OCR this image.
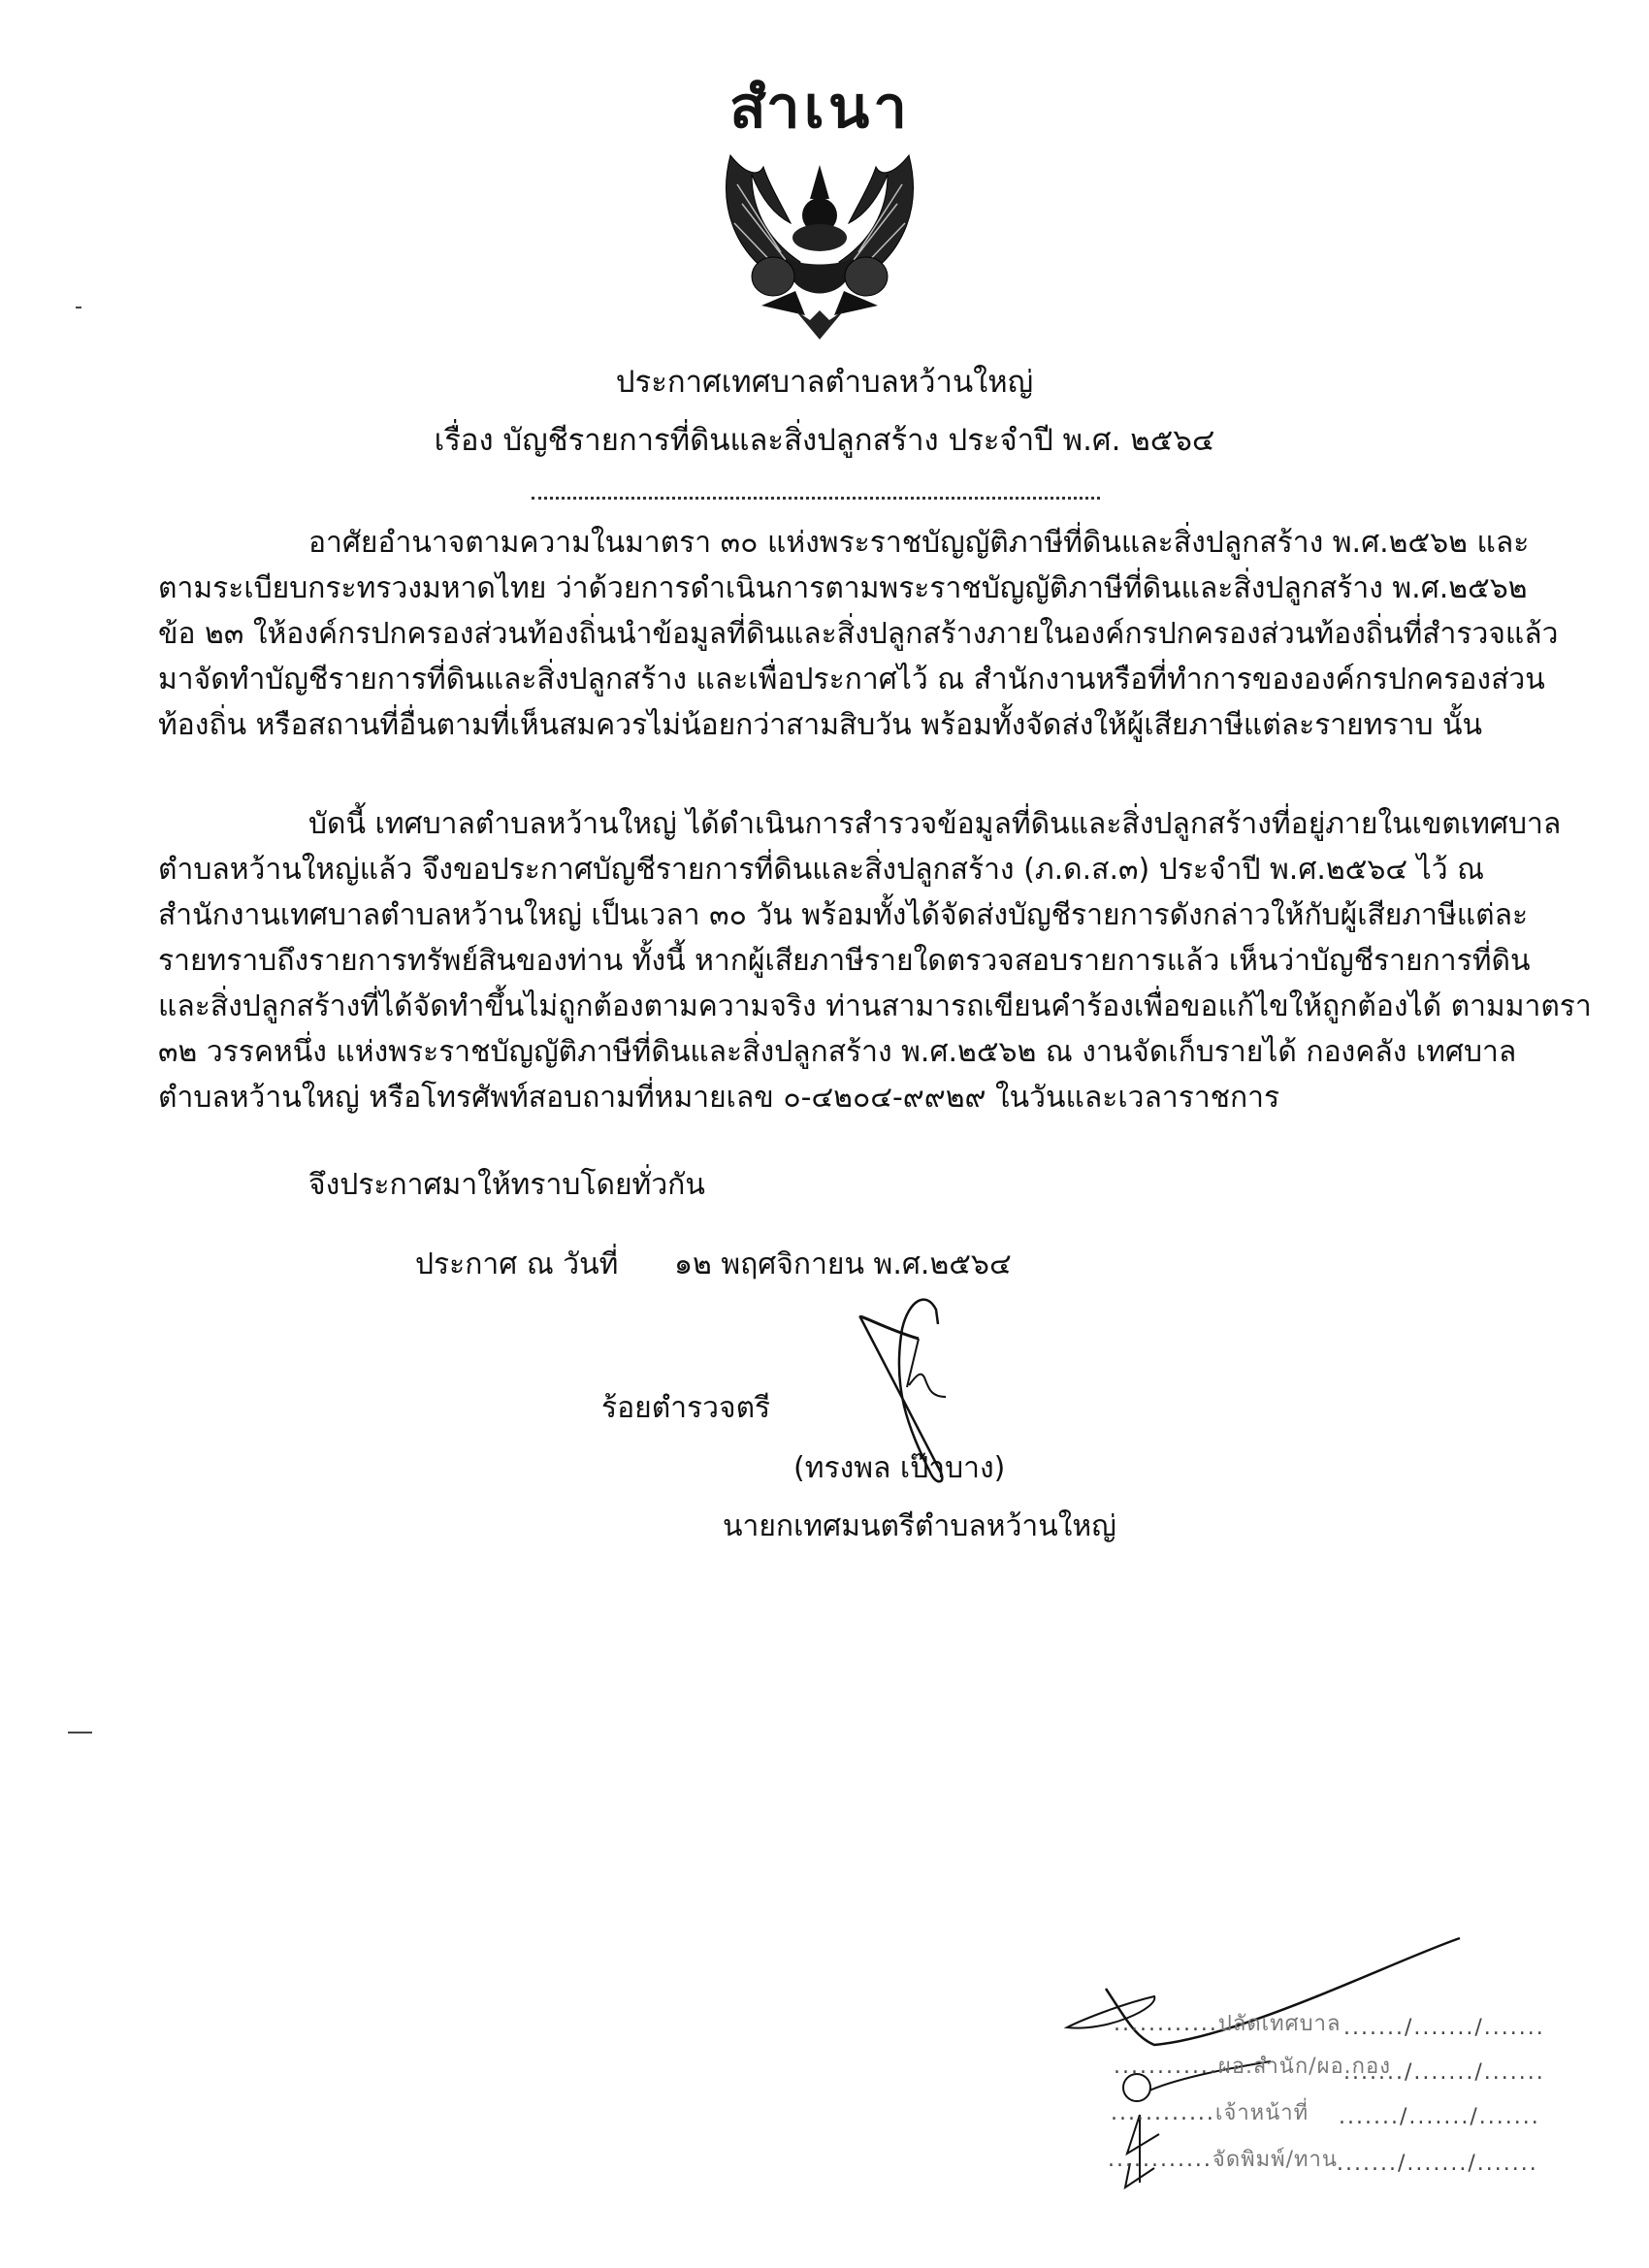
สำเนา
ประกาศเทศบาลตำบลหว้านใหญ่
เรื่อง บัญชีรายการที่ดินและสิ่งปลูกสร้าง ประจำปี พ.ศ. ๒๕๖๔
อาศัยอำนาจตามความในมาตรา ๓๐ แห่งพระราชบัญญัติภาษีที่ดินและสิ่งปลูกสร้าง พ.ศ.๒๕๖๒ และ
ตามระเบียบกระทรวงมหาดไทย ว่าด้วยการดำเนินการตามพระราชบัญญัติภาษีที่ดินและสิ่งปลูกสร้าง พ.ศ.๒๕๖๒
ข้อ ๒๓ ให้องค์กรปกครองส่วนท้องถิ่นนำข้อมูลที่ดินและสิ่งปลูกสร้างภายในองค์กรปกครองส่วนท้องถิ่นที่สำรวจแล้ว
มาจัดทำบัญชีรายการที่ดินและสิ่งปลูกสร้าง และเพื่อประกาศไว้ ณ สำนักงานหรือที่ทำการขององค์กรปกครองส่วน
ท้องถิ่น หรือสถานที่อื่นตามที่เห็นสมควรไม่น้อยกว่าสามสิบวัน พร้อมทั้งจัดส่งให้ผู้เสียภาษีแต่ละรายทราบ นั้น
บัดนี้ เทศบาลตำบลหว้านใหญ่ ได้ดำเนินการสำรวจข้อมูลที่ดินและสิ่งปลูกสร้างที่อยู่ภายในเขตเทศบาล
ตำบลหว้านใหญ่แล้ว จึงขอประกาศบัญชีรายการที่ดินและสิ่งปลูกสร้าง (ภ.ด.ส.๓) ประจำปี พ.ศ.๒๕๖๔ ไว้ ณ
สำนักงานเทศบาลตำบลหว้านใหญ่ เป็นเวลา ๓๐ วัน พร้อมทั้งได้จัดส่งบัญชีรายการดังกล่าวให้กับผู้เสียภาษีแต่ละ
รายทราบถึงรายการทรัพย์สินของท่าน ทั้งนี้ หากผู้เสียภาษีรายใดตรวจสอบรายการแล้ว เห็นว่าบัญชีรายการที่ดิน
และสิ่งปลูกสร้างที่ได้จัดทำขึ้นไม่ถูกต้องตามความจริง ท่านสามารถเขียนคำร้องเพื่อขอแก้ไขให้ถูกต้องได้ ตามมาตรา
๓๒ วรรคหนึ่ง แห่งพระราชบัญญัติภาษีที่ดินและสิ่งปลูกสร้าง พ.ศ.๒๕๖๒ ณ งานจัดเก็บรายได้ กองคลัง เทศบาล
ตำบลหว้านใหญ่ หรือโทรศัพท์สอบถามที่หมายเลข ๐-๔๒๐๔-๙๙๒๙ ในวันและเวลาราชการ
จึงประกาศมาให้ทราบโดยทั่วกัน
ประกาศ ณ วันที่ ๑๒ พฤศจิกายน พ.ศ.๒๕๖๔
ร้อยตำรวจตรี
(ทรงพล เป๊าบาง)
นายกเทศมนตรีตำบลหว้านใหญ่
............ปลัดเทศบาล ......./......./.......
............ผอ.สำนัก/ผอ.กอง
......./......./.......
............เจ้าหน้าที่ ......./......./.......
............จัดพิมพ์/ทาน ......./......./.......
